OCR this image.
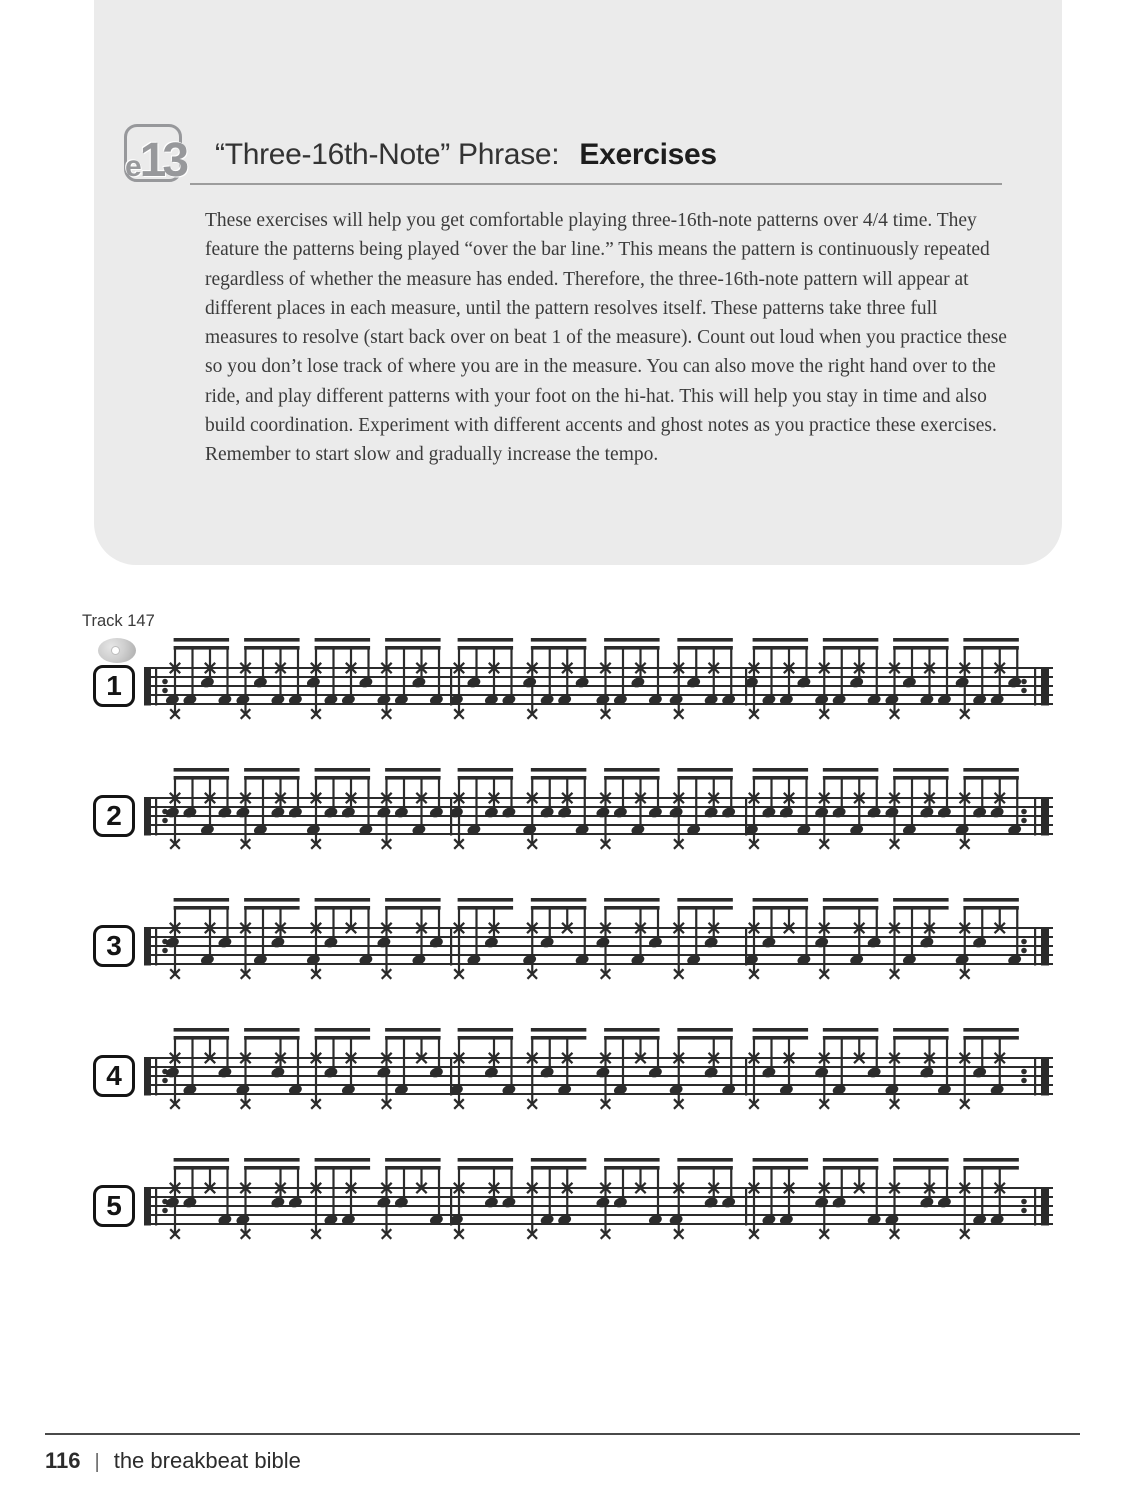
e 13 “Three-16th-Note” Phrase: Exercises
These exercises will help you get comfortable playing three-16th-note patterns over 4/4 time. They feature the patterns being played “over the bar line.” This means the pattern is continuously repeated regardless of whether the measure has ended. Therefore, the three-16th-note pattern will appear at different places in each measure, until the pattern resolves itself. These patterns take three full measures to resolve (start back over on beat 1 of the measure). Count out loud when you practice these so you don’t lose track of where you are in the measure. You can also move the right hand over to the ride, and play different patterns with your foot on the hi-hat. This will help you stay in time and also build coordination. Experiment with different accents and ghost notes as you practice these exercises. Remember to start slow and gradually increase the tempo.
Track 147
1
2
3
4
5
116 | the breakbeat bible
